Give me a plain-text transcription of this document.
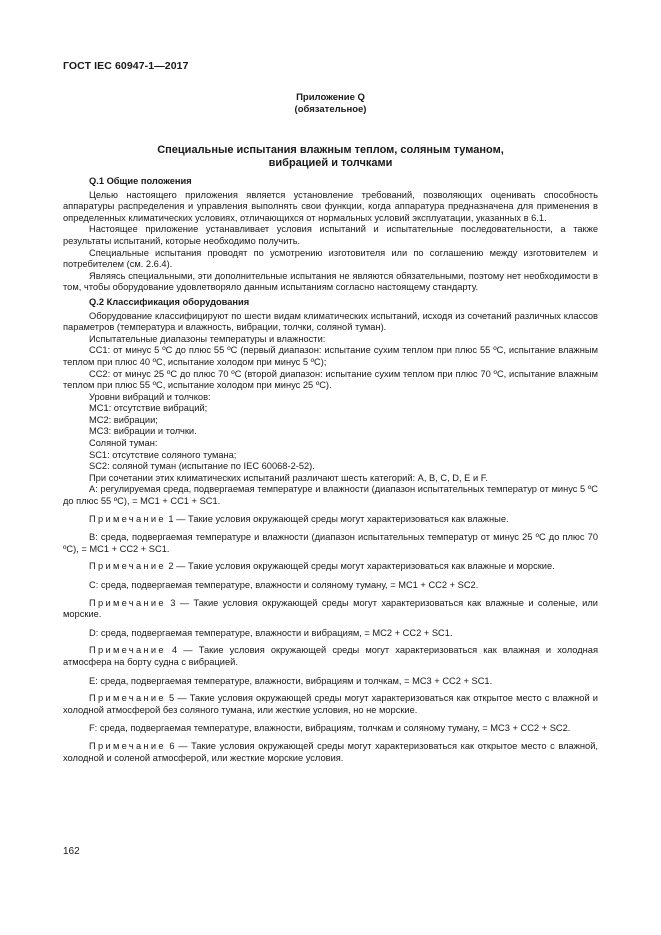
ГОСТ IEC 60947-1—2017
Приложение Q
(обязательное)
Специальные испытания влажным теплом, соляным туманом,
вибрацией и толчками

Q.1 Общие положения

Целью настоящего приложения является установление требований, позволяющих оценивать способность аппаратуры распределения и управления выполнять свои функции, когда аппаратура предназначена для применения в определенных климатических условиях, отличающихся от нормальных условий эксплуатации, указанных в 6.1.

Настоящее приложение устанавливает условия испытаний и испытательные последовательности, а также результаты испытаний, которые необходимо получить.

Специальные испытания проводят по усмотрению изготовителя или по соглашению между изготовителем и потребителем (см. 2.6.4).

Являясь специальными, эти дополнительные испытания не являются обязательными, поэтому нет необходимости в том, чтобы оборудование удовлетворяло данным испытаниям согласно настоящему стандарту.

Q.2 Классификация оборудования

Оборудование классифицируют по шести видам климатических испытаний, исходя из сочетаний различных классов параметров (температура и влажность, вибрации, толчки, соляной туман).

Испытательные диапазоны температуры и влажности:

CC1: от минус 5 ºC до плюс 55 ºC (первый диапазон: испытание сухим теплом при плюс 55 ºC, испытание влажным теплом при плюс 40 ºC, испытание холодом при минус 5 ºC);

CC2: от минус 25 ºC до плюс 70 ºC (второй диапазон: испытание сухим теплом при плюс 70 ºC, испытание влажным теплом при плюс 55 ºC, испытание холодом при минус 25 ºC).

Уровни вибраций и толчков:

MC1: отсутствие вибраций;

MC2: вибрации;

MC3: вибрации и толчки.

Соляной туман:

SC1: отсутствие соляного тумана;

SC2: соляной туман (испытание по IEC 60068-2-52).

При сочетании этих климатических испытаний различают шесть категорий: A, B, C, D, E и F.

A: регулируемая среда, подвергаемая температуре и влажности (диапазон испытательных температур от минус 5 ºC до плюс 55 ºC), = MC1 + CC1 + SC1.

Примечание 1 — Такие условия окружающей среды могут характеризоваться как влажные.

B: среда, подвергаемая температуре и влажности (диапазон испытательных температур от минус 25 ºC до плюс 70 ºC), = MC1 + CC2 + SC1.

Примечание 2 — Такие условия окружающей среды могут характеризоваться как влажные и морские.

C: среда, подвергаемая температуре, влажности и соляному туману, = MC1 + CC2 + SC2.

Примечание 3 — Такие условия окружающей среды могут характеризоваться как влажные и соленые, или морские.

D: среда, подвергаемая температуре, влажности и вибрациям, = MC2 + CC2 + SC1.

Примечание 4 — Такие условия окружающей среды могут характеризоваться как влажная и холодная атмосфера на борту судна с вибрацией.

E: среда, подвергаемая температуре, влажности, вибрациям и толчкам, = MC3 + CC2 + SC1.

Примечание 5 — Такие условия окружающей среды могут характеризоваться как открытое место с влажной и холодной атмосферой без соляного тумана, или жесткие условия, но не морские.

F: среда, подвергаемая температуре, влажности, вибрациям, толчкам и соляному туману, = MC3 + CC2 + SC2.

Примечание 6 — Такие условия окружающей среды могут характеризоваться как открытое место с влажной, холодной и соленой атмосферой, или жесткие морские условия.

162
